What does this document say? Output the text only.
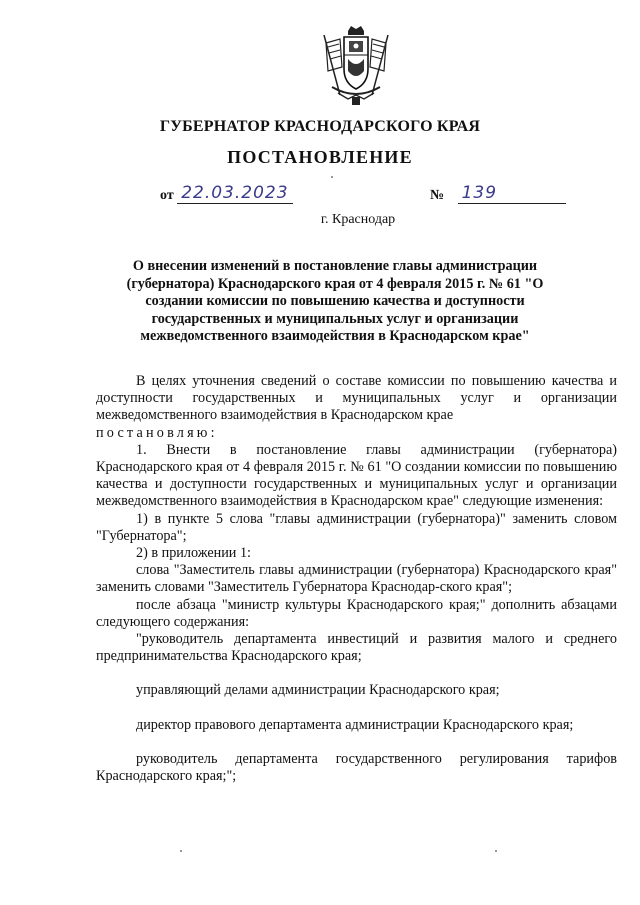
ГУБЕРНАТОР КРАСНОДАРСКОГО КРАЯ
ПОСТАНОВЛЕНИЕ
от 22.03.2023	№ 139
г. Краснодар
О внесении изменений в постановление главы администрации (губернатора) Краснодарского края от 4 февраля 2015 г. № 61 "О создании комиссии по повышению качества и доступности государственных и муниципальных услуг и организации межведомственного взаимодействия в Краснодарском крае"

В целях уточнения сведений о составе комиссии по повышению качества и доступности государственных и муниципальных услуг и организации межведомственного взаимодействия в Краснодарском крае
постановляю:

1. Внести в постановление главы администрации (губернатора) Краснодарского края от 4 февраля 2015 г. № 61 "О создании комиссии по повышению качества и доступности государственных и муниципальных услуг и организации межведомственного взаимодействия в Краснодарском крае" следующие изменения:

1) в пункте 5 слова "главы администрации (губернатора)" заменить словом "Губернатора";

2) в приложении 1:

слова "Заместитель главы администрации (губернатора) Краснодарского края" заменить словами "Заместитель Губернатора Краснодар-ского края";

после абзаца "министр культуры Краснодарского края;" дополнить абзацами следующего содержания:

"руководитель департамента инвестиций и развития малого и среднего предпринимательства Краснодарского края;

управляющий делами администрации Краснодарского края;

директор правового департамента администрации Краснодарского края;

руководитель департамента государственного регулирования тарифов Краснодарского края;";
